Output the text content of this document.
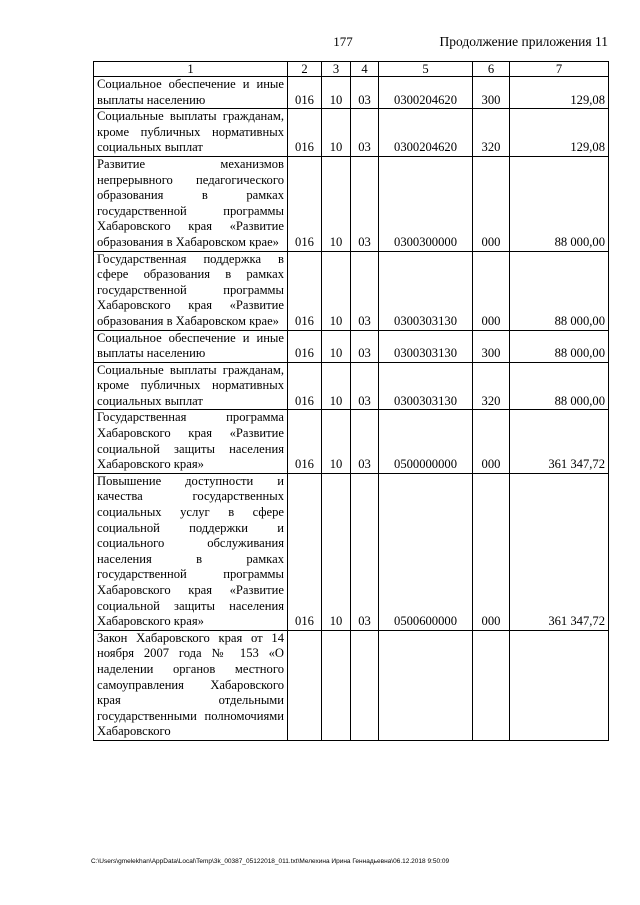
177	Продолжение приложения 11
1	2	3	4	5	6	7
Социальное обеспечение и иные выплаты населению	016	10	03	0300204620	300	129,08
Социальные выплаты гражданам, кроме публичных нормативных социальных выплат	016	10	03	0300204620	320	129,08
Развитие механизмов непрерывного педагогического образования в рамках государственной программы Хабаровского края «Развитие образования в Хабаровском крае»	016	10	03	0300300000	000	88 000,00
Государственная поддержка в сфере образования в рамках государственной программы Хабаровского края «Развитие образования в Хабаровском крае»	016	10	03	0300303130	000	88 000,00
Социальное обеспечение и иные выплаты населению	016	10	03	0300303130	300	88 000,00
Социальные выплаты гражданам, кроме публичных нормативных социальных выплат	016	10	03	0300303130	320	88 000,00
Государственная программа Хабаровского края «Развитие социальной защиты населения Хабаровского края»	016	10	03	0500000000	000	361 347,72
Повышение доступности и качества государственных социальных услуг в сфере социальной поддержки и социального обслуживания населения в рамках государственной программы Хабаровского края «Развитие социальной защиты населения Хабаровского края»	016	10	03	0500600000	000	361 347,72
Закон Хабаровского края от 14 ноября 2007 года № 153 «О наделении органов местного самоуправления Хабаровского края отдельными государственными полномочиями Хабаровского						
C:\Users\gmelekhan\AppData\Local\Temp\3k_00387_05122018_011.txt\Мелехина Ирина Геннадьевна\06.12.2018 9:50:09
